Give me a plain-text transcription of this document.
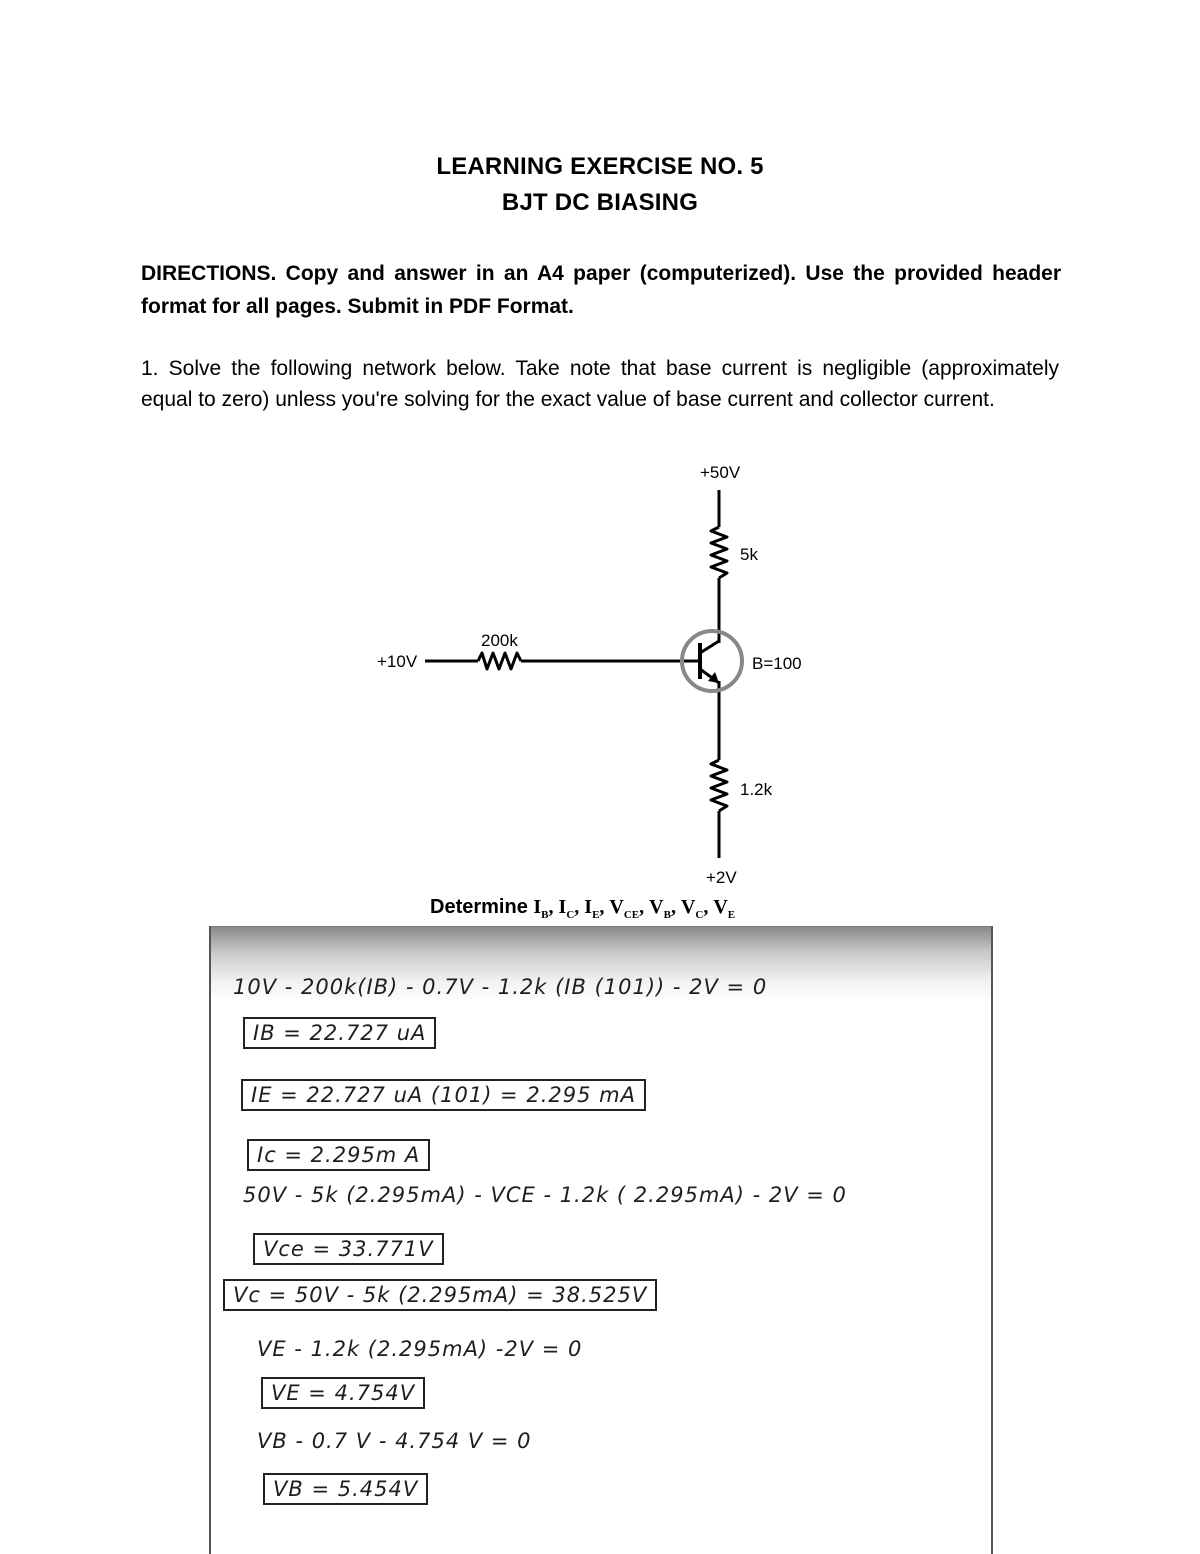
LEARNING EXERCISE NO. 5
BJT DC BIASING
DIRECTIONS. Copy and answer in an A4 paper (computerized). Use the provided header format for all pages. Submit in PDF Format.
1. Solve the following network below. Take note that base current is negligible (approximately equal to zero) unless you're solving for the exact value of base current and collector current.
+50V
5k
+10V
200k
B=100
1.2k
+2V
Determine $I_B$, $I_C$, $I_E$, $V_{CE}$, $V_B$, $V_C$, $V_E$
10V - 200k(IB) - 0.7V - 1.2k (IB (101)) - 2V = 0
IB = 22.727 uA
IE = 22.727 uA (101) = 2.295 mA
Ic = 2.295m A
50V - 5k (2.295mA) - VCE - 1.2k ( 2.295mA) - 2V = 0
Vce = 33.771V
Vc = 50V - 5k (2.295mA) = 38.525V
VE - 1.2k (2.295mA) -2V = 0
VE = 4.754V
VB - 0.7 V - 4.754 V = 0
VB = 5.454V
